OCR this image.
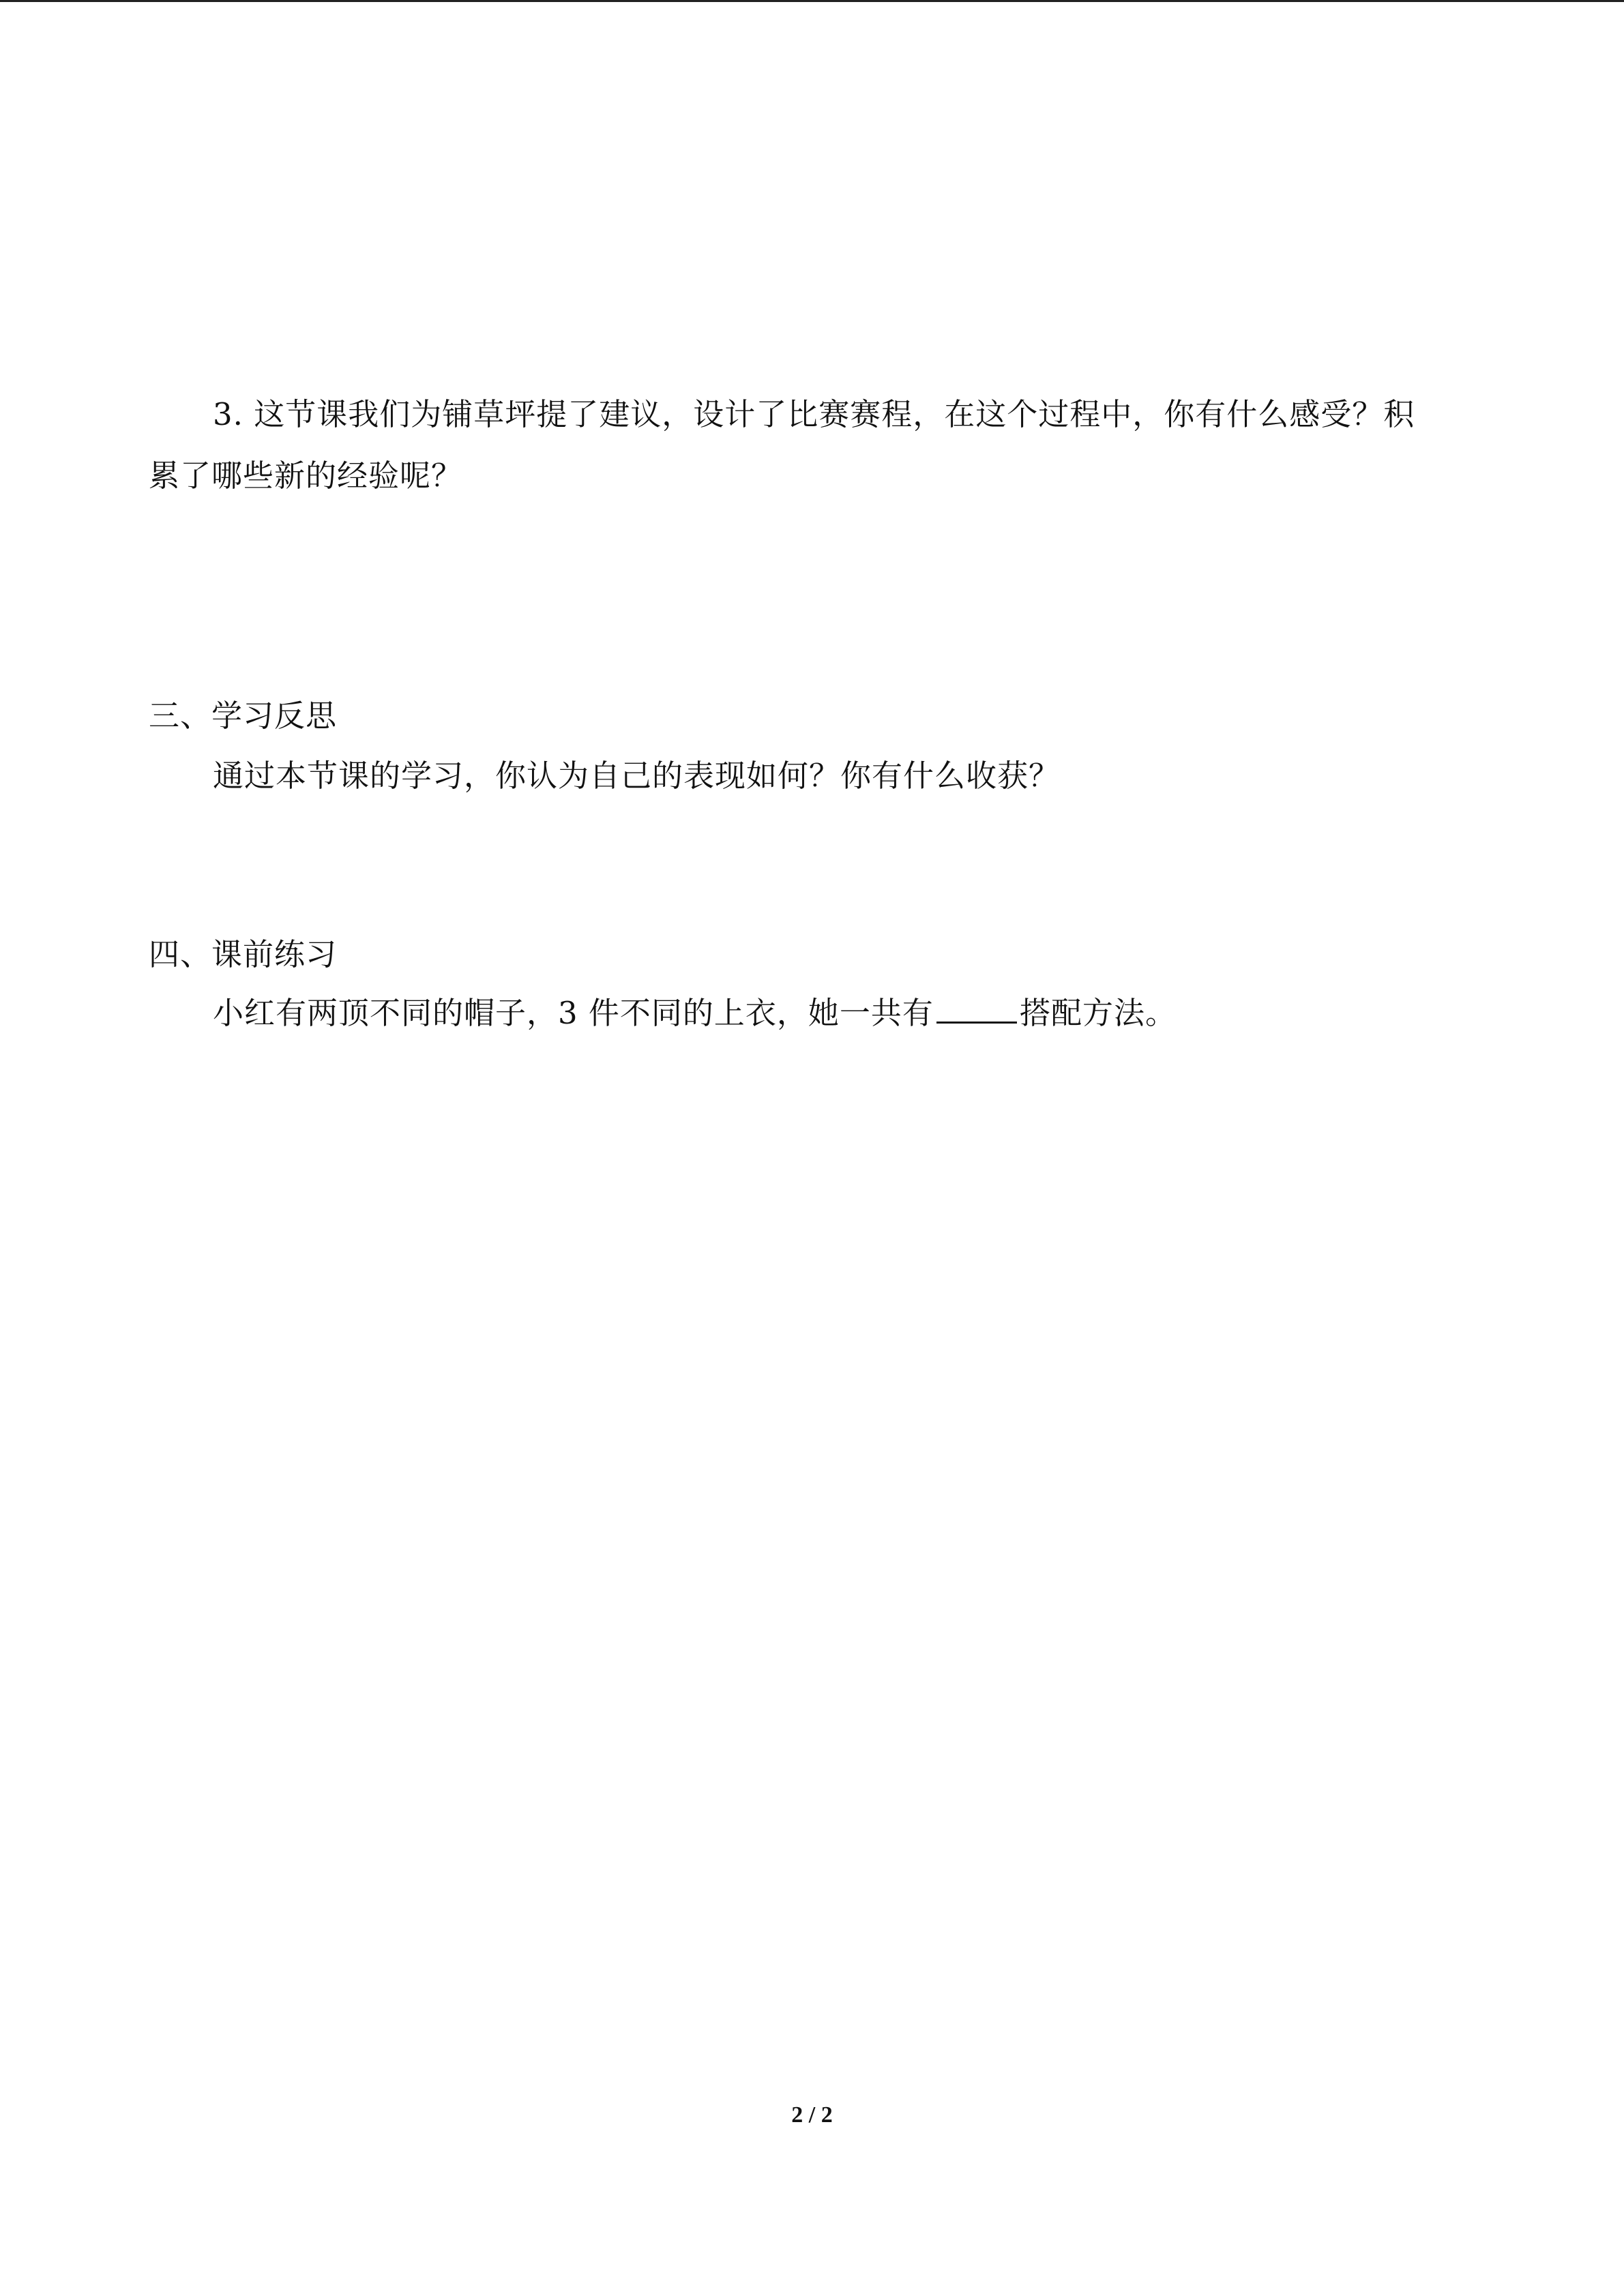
3. 这节课我们为铺草坪提了建议，设计了比赛赛程，在这个过程中，你有什么感受？积
累了哪些新的经验呢？
三、学习反思
通过本节课的学习，你认为自己的表现如何？你有什么收获？
四、课前练习
小红有两顶不同的帽子，3 件不同的上衣，她一共有	搭配方法。
2 / 2
